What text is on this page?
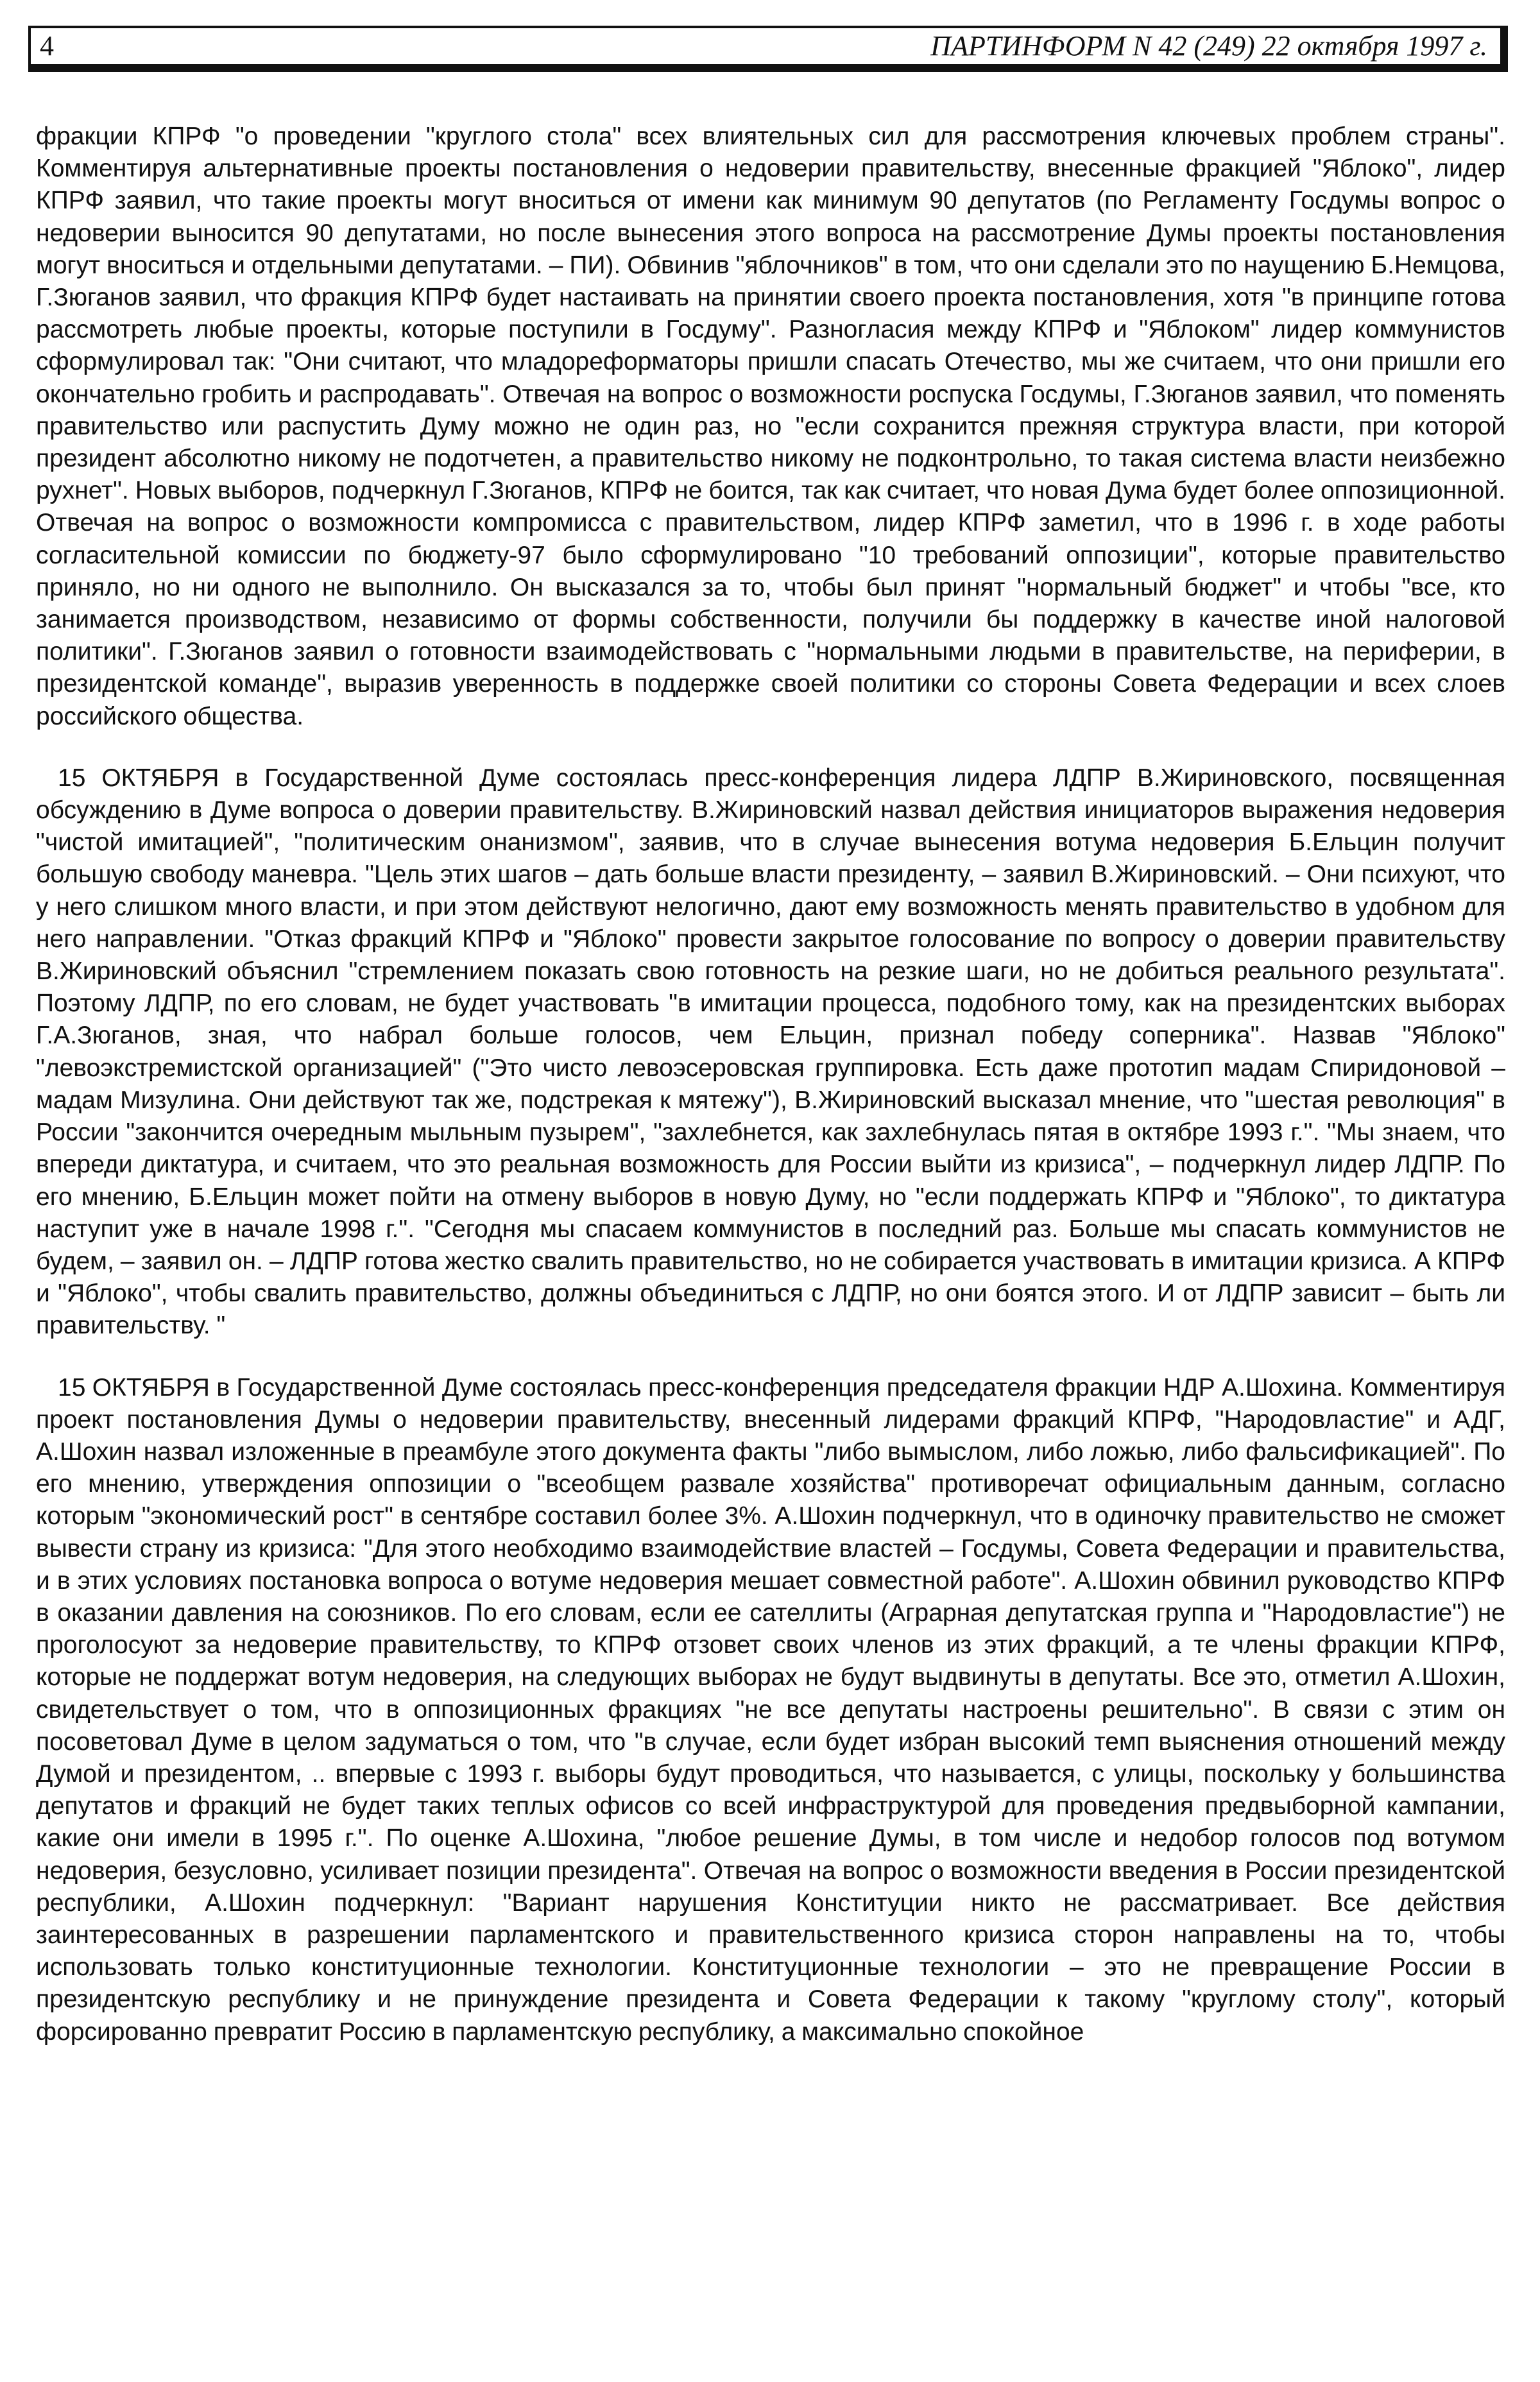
4	ПАРТИНФОРМ N 42 (249) 22 октября 1997 г.

фракции КПРФ "о проведении "круглого стола" всех влиятельных сил для рассмотрения ключевых проблем страны". Комментируя альтернативные проекты постановления о недоверии правительству, внесенные фракцией "Яблоко", лидер КПРФ заявил, что такие проекты могут вноситься от имени как минимум 90 депутатов (по Регламенту Госдумы вопрос о недоверии выносится 90 депутатами, но после вынесения этого вопроса на рассмотрение Думы проекты постановления могут вноситься и отдельными депутатами. – ПИ). Обвинив "яблочников" в том, что они сделали это по наущению Б.Немцова, Г.Зюганов заявил, что фракция КПРФ будет настаивать на принятии своего проекта постановления, хотя "в принципе готова рассмотреть любые проекты, которые поступили в Госдуму". Разногласия между КПРФ и "Яблоком" лидер коммунистов сформулировал так: "Они считают, что младореформаторы пришли спасать Отечество, мы же считаем, что они пришли его окончательно гробить и распродавать". Отвечая на вопрос о возможности роспуска Госдумы, Г.Зюганов заявил, что поменять правительство или распустить Думу можно не один раз, но "если сохранится прежняя структура власти, при которой президент абсолютно никому не подотчетен, а правительство никому не подконтрольно, то такая система власти неизбежно рухнет". Новых выборов, подчеркнул Г.Зюганов, КПРФ не боится, так как считает, что новая Дума будет более оппозиционной. Отвечая на вопрос о возможности компромисса с правительством, лидер КПРФ заметил, что в 1996 г. в ходе работы согласительной комиссии по бюджету-97 было сформулировано "10 требований оппозиции", которые правительство приняло, но ни одного не выполнило. Он высказался за то, чтобы был принят "нормальный бюджет" и чтобы "все, кто занимается производством, независимо от формы собственности, получили бы поддержку в качестве иной налоговой политики". Г.Зюганов заявил о готовности взаимодействовать с "нормальными людьми в правительстве, на периферии, в президентской команде", выразив уверенность в поддержке своей политики со стороны Совета Федерации и всех слоев российского общества.

15 ОКТЯБРЯ в Государственной Думе состоялась пресс-конференция лидера ЛДПР В.Жириновского, посвященная обсуждению в Думе вопроса о доверии правительству. В.Жириновский назвал действия инициаторов выражения недоверия "чистой имитацией", "политическим онанизмом", заявив, что в случае вынесения вотума недоверия Б.Ельцин получит большую свободу маневра. "Цель этих шагов – дать больше власти президенту, – заявил В.Жириновский. – Они психуют, что у него слишком много власти, и при этом действуют нелогично, дают ему возможность менять правительство в удобном для него направлении. "Отказ фракций КПРФ и "Яблоко" провести закрытое голосование по вопросу о доверии правительству В.Жириновский объяснил "стремлением показать свою готовность на резкие шаги, но не добиться реального результата". Поэтому ЛДПР, по его словам, не будет участвовать "в имитации процесса, подобного тому, как на президентских выборах Г.А.Зюганов, зная, что набрал больше голосов, чем Ельцин, признал победу соперника". Назвав "Яблоко" "левоэкстремистской организацией" ("Это чисто левоэсеровская группировка. Есть даже прототип мадам Спиридоновой – мадам Мизулина. Они действуют так же, подстрекая к мятежу"), В.Жириновский высказал мнение, что "шестая революция" в России "закончится очередным мыльным пузырем", "захлебнется, как захлебнулась пятая в октябре 1993 г.". "Мы знаем, что впереди диктатура, и считаем, что это реальная возможность для России выйти из кризиса", – подчеркнул лидер ЛДПР. По его мнению, Б.Ельцин может пойти на отмену выборов в новую Думу, но "если поддержать КПРФ и "Яблоко", то диктатура наступит уже в начале 1998 г.". "Сегодня мы спасаем коммунистов в последний раз. Больше мы спасать коммунистов не будем, – заявил он. – ЛДПР готова жестко свалить правительство, но не собирается участвовать в имитации кризиса. А КПРФ и "Яблоко", чтобы свалить правительство, должны объединиться с ЛДПР, но они боятся этого. И от ЛДПР зависит – быть ли правительству. "

15 ОКТЯБРЯ в Государственной Думе состоялась пресс-конференция председателя фракции НДР А.Шохина. Комментируя проект постановления Думы о недоверии правительству, внесенный лидерами фракций КПРФ, "Народовластие" и АДГ, А.Шохин назвал изложенные в преамбуле этого документа факты "либо вымыслом, либо ложью, либо фальсификацией". По его мнению, утверждения оппозиции о "всеобщем развале хозяйства" противоречат официальным данным, согласно которым "экономический рост" в сентябре составил более 3%. А.Шохин подчеркнул, что в одиночку правительство не сможет вывести страну из кризиса: "Для этого необходимо взаимодействие властей – Госдумы, Совета Федерации и правительства, и в этих условиях постановка вопроса о вотуме недоверия мешает совместной работе". А.Шохин обвинил руководство КПРФ в оказании давления на союзников. По его словам, если ее сателлиты (Аграрная депутатская группа и "Народовластие") не проголосуют за недоверие правительству, то КПРФ отзовет своих членов из этих фракций, а те члены фракции КПРФ, которые не поддержат вотум недоверия, на следующих выборах не будут выдвинуты в депутаты. Все это, отметил А.Шохин, свидетельствует о том, что в оппозиционных фракциях "не все депутаты настроены решительно". В связи с этим он посоветовал Думе в целом задуматься о том, что "в случае, если будет избран высокий темп выяснения отношений между Думой и президентом, .. впервые с 1993 г. выборы будут проводиться, что называется, с улицы, поскольку у большинства депутатов и фракций не будет таких теплых офисов со всей инфраструктурой для проведения предвыборной кампании, какие они имели в 1995 г.". По оценке А.Шохина, "любое решение Думы, в том числе и недобор голосов под вотумом недоверия, безусловно, усиливает позиции президента". Отвечая на вопрос о возможности введения в России президентской республики, А.Шохин подчеркнул: "Вариант нарушения Конституции никто не рассматривает. Все действия заинтересованных в разрешении парламентского и правительственного кризиса сторон направлены на то, чтобы использовать только конституционные технологии. Конституционные технологии – это не превращение России в президентскую республику и не принуждение президента и Совета Федерации к такому "круглому столу", который форсированно превратит Россию в парламентскую республику, а максимально спокойное
